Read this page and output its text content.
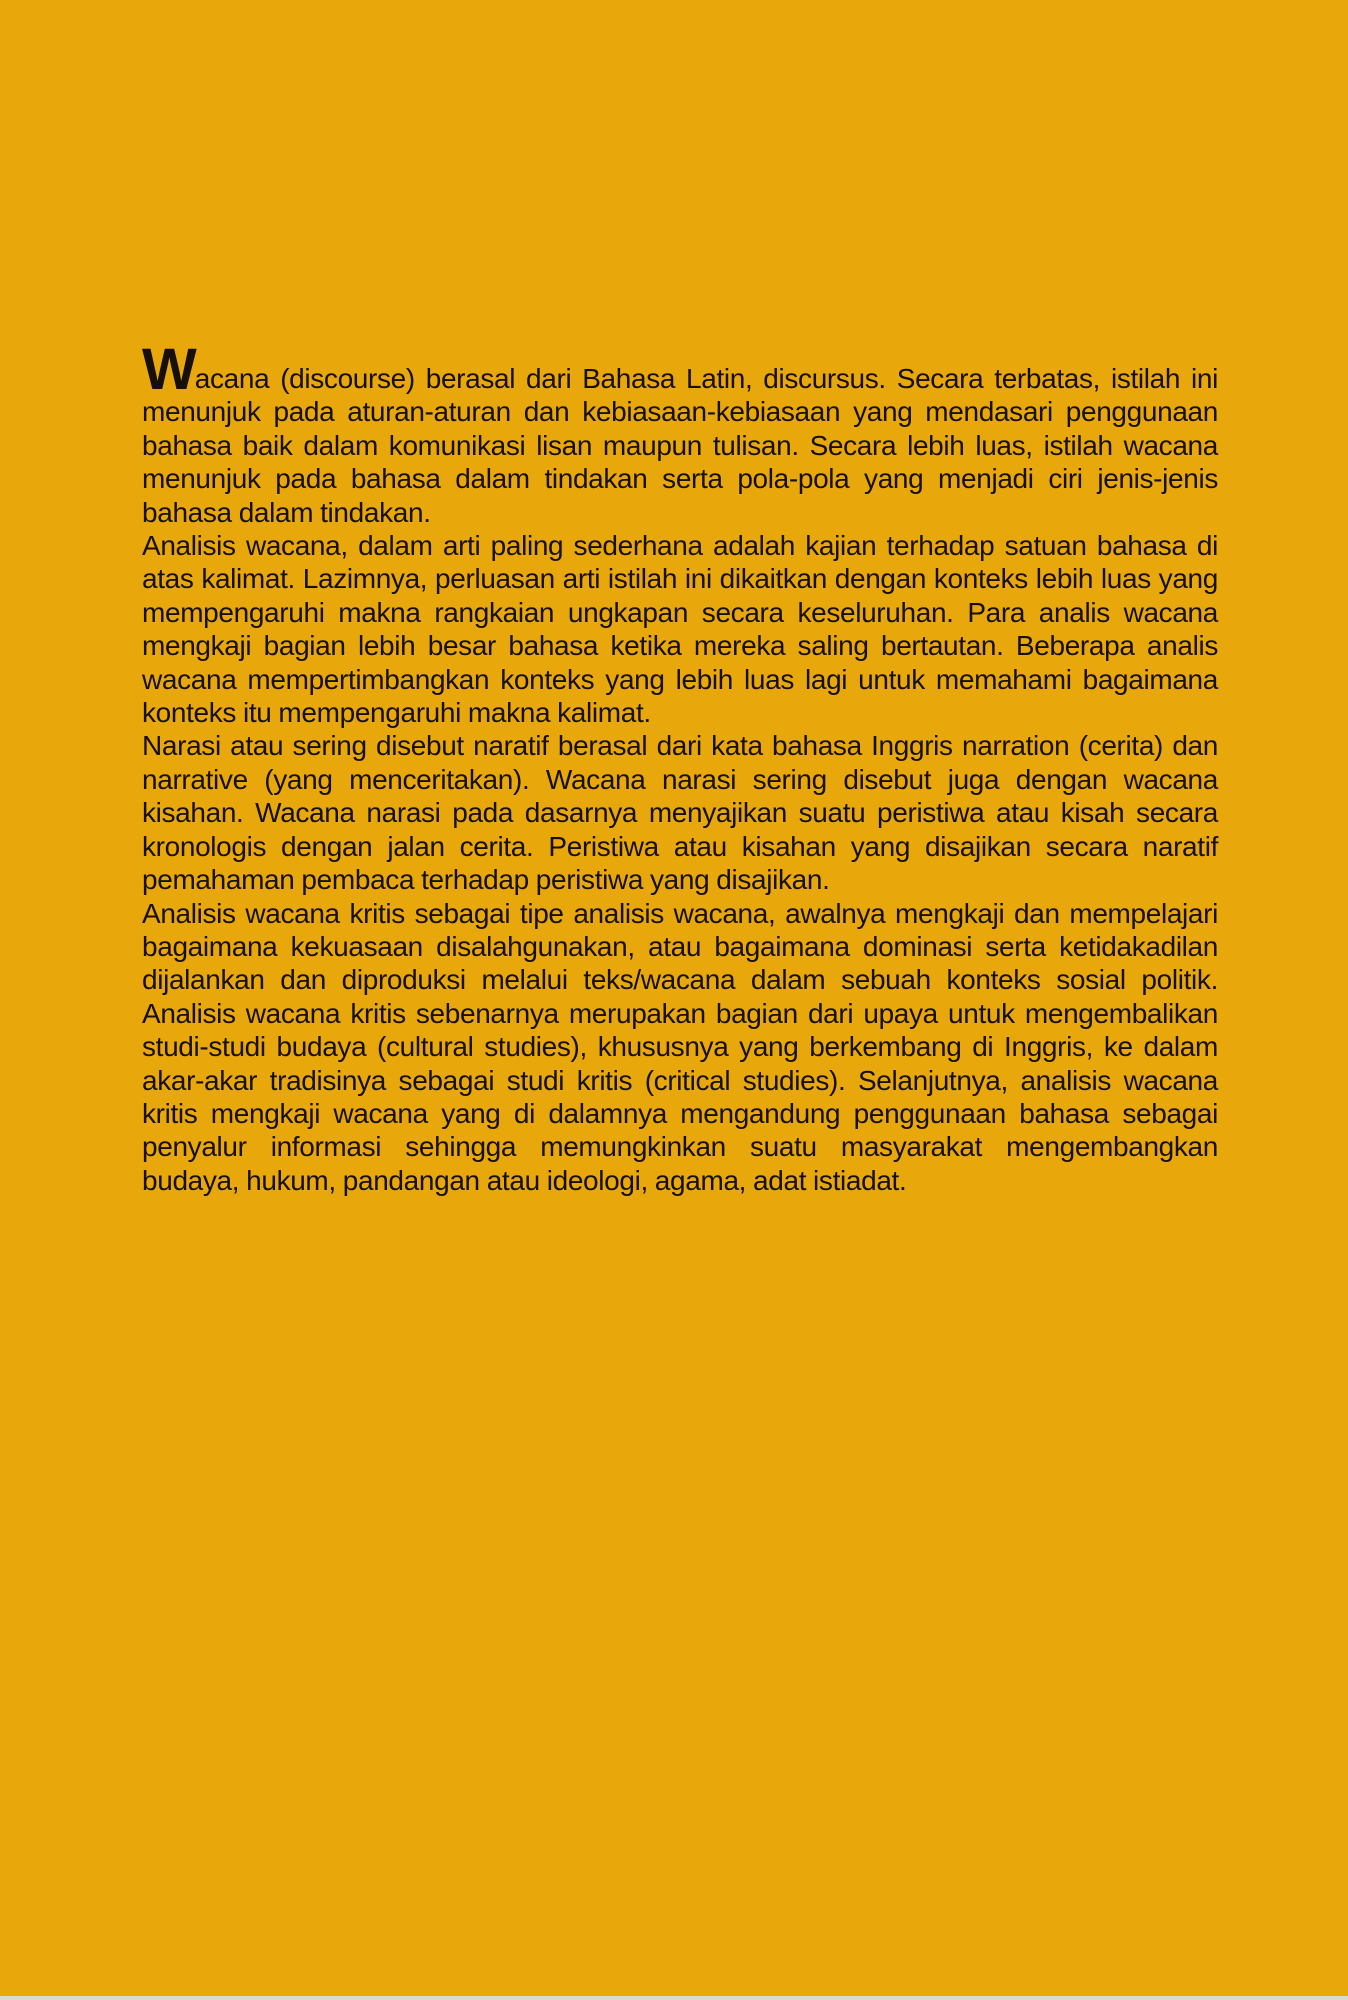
Wacana (discourse) berasal dari Bahasa Latin, discursus. Secara terbatas, istilah ini menunjuk pada aturan-aturan dan kebiasaan-kebiasaan yang mendasari penggunaan bahasa baik dalam komunikasi lisan maupun tulisan. Secara lebih luas, istilah wacana menunjuk pada bahasa dalam tindakan serta pola-pola yang menjadi ciri jenis-jenis bahasa dalam tindakan.

Analisis wacana, dalam arti paling sederhana adalah kajian terhadap satuan bahasa di atas kalimat. Lazimnya, perluasan arti istilah ini dikaitkan dengan konteks lebih luas yang mempengaruhi makna rangkaian ungkapan secara keseluruhan. Para analis wacana mengkaji bagian lebih besar bahasa ketika mereka saling bertautan. Beberapa analis wacana mempertimbangkan konteks yang lebih luas lagi untuk memahami bagaimana konteks itu mempengaruhi makna kalimat.

Narasi atau sering disebut naratif berasal dari kata bahasa Inggris narration (cerita) dan narrative (yang menceritakan). Wacana narasi sering disebut juga dengan wacana kisahan. Wacana narasi pada dasarnya menyajikan suatu peristiwa atau kisah secara kronologis dengan jalan cerita. Peristiwa atau kisahan yang disajikan secara naratif pemahaman pembaca terhadap peristiwa yang disajikan.

Analisis wacana kritis sebagai tipe analisis wacana, awalnya mengkaji dan mempelajari bagaimana kekuasaan disalahgunakan, atau bagaimana dominasi serta ketidakadilan dijalankan dan diproduksi melalui teks/wacana dalam sebuah konteks sosial politik. Analisis wacana kritis sebenarnya merupakan bagian dari upaya untuk mengembalikan studi-studi budaya (cultural studies), khususnya yang berkembang di Inggris, ke dalam akar-akar tradisinya sebagai studi kritis (critical studies). Selanjutnya, analisis wacana kritis mengkaji wacana yang di dalamnya mengandung penggunaan bahasa sebagai penyalur informasi sehingga memungkinkan suatu masyarakat mengembangkan budaya, hukum, pandangan atau ideologi, agama, adat istiadat.
